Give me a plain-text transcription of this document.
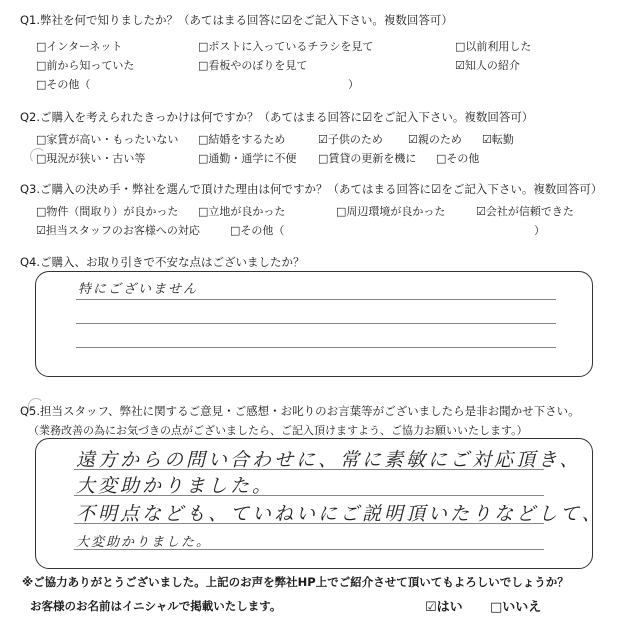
Q1.弊社を何で知りましたか？（あてはまる回答に☑をご記入下さい。複数回答可）
□インターネット	□ポストに入っているチラシを見て	□以前利用した
□前から知っていた	□看板やのぼりを見て	☑知人の紹介
□その他（	）
Q2.ご購入を考えられたきっかけは何ですか？（あてはまる回答に☑をご記入下さい。複数回答可）
□家賃が高い・もったいない □結婚をするため	☑子供のため ☑親のため ☑転勤
□現況が狭い・古い等	□通勤・通学に不便 □賃貸の更新を機に □その他
Q3.ご購入の決め手・弊社を選んで頂けた理由は何ですか？（あてはまる回答に☑をご記入下さい。複数回答可）
□物件（間取り）が良かった □立地が良かった	□周辺環境が良かった	☑会社が信頼できた
☑担当スタッフのお客様への対応	□その他（	）
Q4.ご購入、お取り引きで不安な点はございましたか？
特にございません
Q5.担当スタッフ、弊社に関するご意見・ご感想・お叱りのお言葉等がございましたら是非お聞かせ下さい。
（業務改善の為にお気づきの点がございましたら、ご記入頂けますよう、ご協力お願いいたします。）
遠方からの問い合わせに、常に素敏にご対応頂き、
大変助かりました。
不明点なども、ていねいにご説明頂いたりなどして、
大変助かりました。
※ご協力ありがとうございました。上記のお声を弊社HP上でご紹介させて頂いてもよろしいでしょうか？
お客様のお名前はイニシャルで掲載いたします。	☑はい □いいえ
